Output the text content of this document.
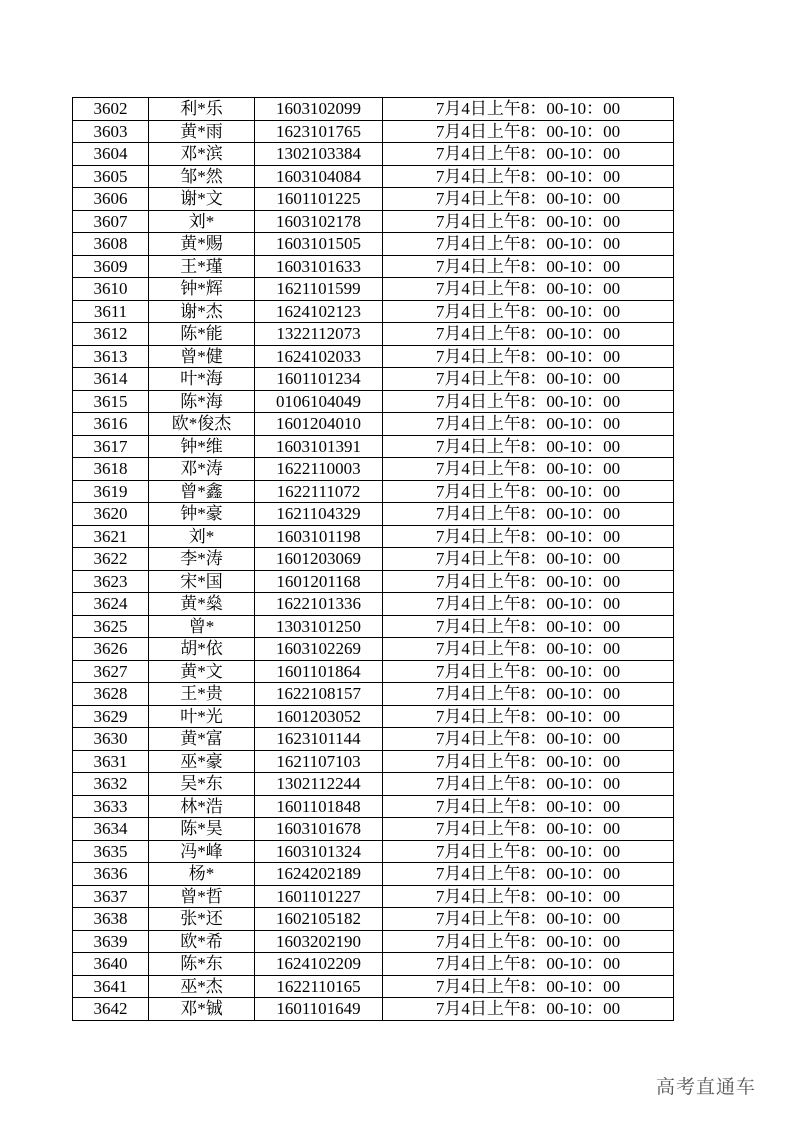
3602	利*乐	1603102099	7月4日上午8：00-10：00
3603	黄*雨	1623101765	7月4日上午8：00-10：00
3604	邓*滨	1302103384	7月4日上午8：00-10：00
3605	邹*然	1603104084	7月4日上午8：00-10：00
3606	谢*文	1601101225	7月4日上午8：00-10：00
3607	刘*	1603102178	7月4日上午8：00-10：00
3608	黄*赐	1603101505	7月4日上午8：00-10：00
3609	王*瑾	1603101633	7月4日上午8：00-10：00
3610	钟*辉	1621101599	7月4日上午8：00-10：00
3611	谢*杰	1624102123	7月4日上午8：00-10：00
3612	陈*能	1322112073	7月4日上午8：00-10：00
3613	曾*健	1624102033	7月4日上午8：00-10：00
3614	叶*海	1601101234	7月4日上午8：00-10：00
3615	陈*海	0106104049	7月4日上午8：00-10：00
3616	欧*俊杰	1601204010	7月4日上午8：00-10：00
3617	钟*维	1603101391	7月4日上午8：00-10：00
3618	邓*涛	1622110003	7月4日上午8：00-10：00
3619	曾*鑫	1622111072	7月4日上午8：00-10：00
3620	钟*豪	1621104329	7月4日上午8：00-10：00
3621	刘*	1603101198	7月4日上午8：00-10：00
3622	李*涛	1601203069	7月4日上午8：00-10：00
3623	宋*国	1601201168	7月4日上午8：00-10：00
3624	黄*燊	1622101336	7月4日上午8：00-10：00
3625	曾*	1303101250	7月4日上午8：00-10：00
3626	胡*依	1603102269	7月4日上午8：00-10：00
3627	黄*文	1601101864	7月4日上午8：00-10：00
3628	王*贵	1622108157	7月4日上午8：00-10：00
3629	叶*光	1601203052	7月4日上午8：00-10：00
3630	黄*富	1623101144	7月4日上午8：00-10：00
3631	巫*豪	1621107103	7月4日上午8：00-10：00
3632	吴*东	1302112244	7月4日上午8：00-10：00
3633	林*浩	1601101848	7月4日上午8：00-10：00
3634	陈*昊	1603101678	7月4日上午8：00-10：00
3635	冯*峰	1603101324	7月4日上午8：00-10：00
3636	杨*	1624202189	7月4日上午8：00-10：00
3637	曾*哲	1601101227	7月4日上午8：00-10：00
3638	张*还	1602105182	7月4日上午8：00-10：00
3639	欧*希	1603202190	7月4日上午8：00-10：00
3640	陈*东	1624102209	7月4日上午8：00-10：00
3641	巫*杰	1622110165	7月4日上午8：00-10：00
3642	邓*铖	1601101649	7月4日上午8：00-10：00
高考直通车
